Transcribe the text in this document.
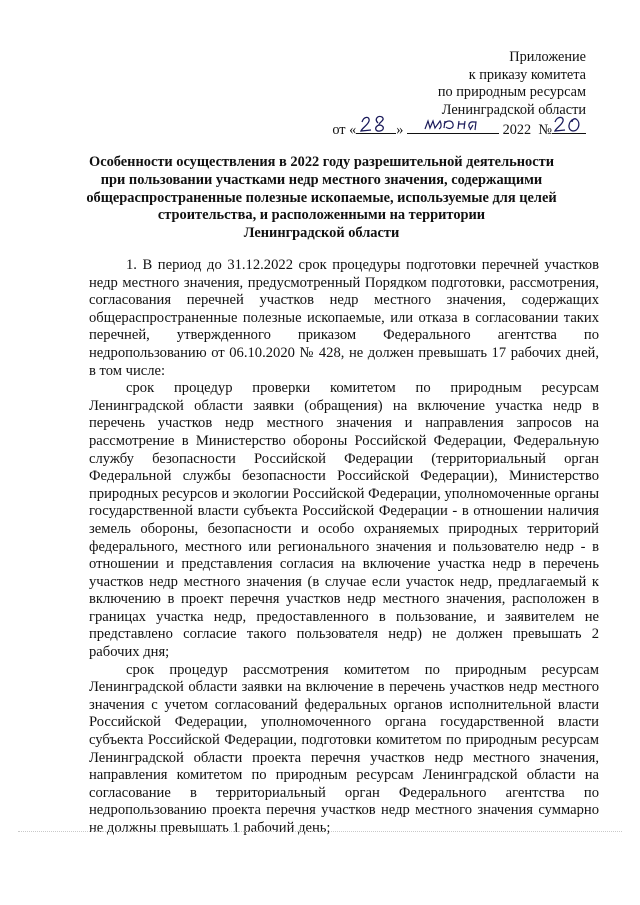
Приложение
к приказу комитета
по природным ресурсам
Ленинградской области
от «	»	2022 №
Особенности осуществления в 2022 году разрешительной деятельности
при пользовании участками недр местного значения, содержащими
общераспространенные полезные ископаемые, используемые для целей
строительства, и расположенными на территории
Ленинградской области

1. В период до 31.12.2022 срок процедуры подготовки перечней участков недр местного значения, предусмотренный Порядком подготовки, рассмотрения, согласования перечней участков недр местного значения, содержащих общераспространенные полезные ископаемые, или отказа в согласовании таких перечней, утвержденного приказом Федерального агентства по недропользованию от 06.10.2020 № 428, не должен превышать 17 рабочих дней, в том числе:

срок процедур проверки комитетом по природным ресурсам Ленинградской области заявки (обращения) на включение участка недр в перечень участков недр местного значения и направления запросов на рассмотрение в Министерство обороны Российской Федерации, Федеральную службу безопасности Российской Федерации (территориальный орган Федеральной службы безопасности Российской Федерации), Министерство природных ресурсов и экологии Российской Федерации, уполномоченные органы государственной власти субъекта Российской Федерации - в отношении наличия земель обороны, безопасности и особо охраняемых природных территорий федерального, местного или регионального значения и пользователю недр - в отношении и представления согласия на включение участка недр в перечень участков недр местного значения (в случае если участок недр, предлагаемый к включению в проект перечня участков недр местного значения, расположен в границах участка недр, предоставленного в пользование, и заявителем не представлено согласие такого пользователя недр) не должен превышать 2 рабочих дня;

срок процедур рассмотрения комитетом по природным ресурсам Ленинградской области заявки на включение в перечень участков недр местного значения с учетом согласований федеральных органов исполнительной власти Российской Федерации, уполномоченного органа государственной власти субъекта Российской Федерации, подготовки комитетом по природным ресурсам Ленинградской области проекта перечня участков недр местного значения, направления комитетом по природным ресурсам Ленинградской области на согласование в территориальный орган Федерального агентства по недропользованию проекта перечня участков недр местного значения суммарно не должны превышать 1 рабочий день;
